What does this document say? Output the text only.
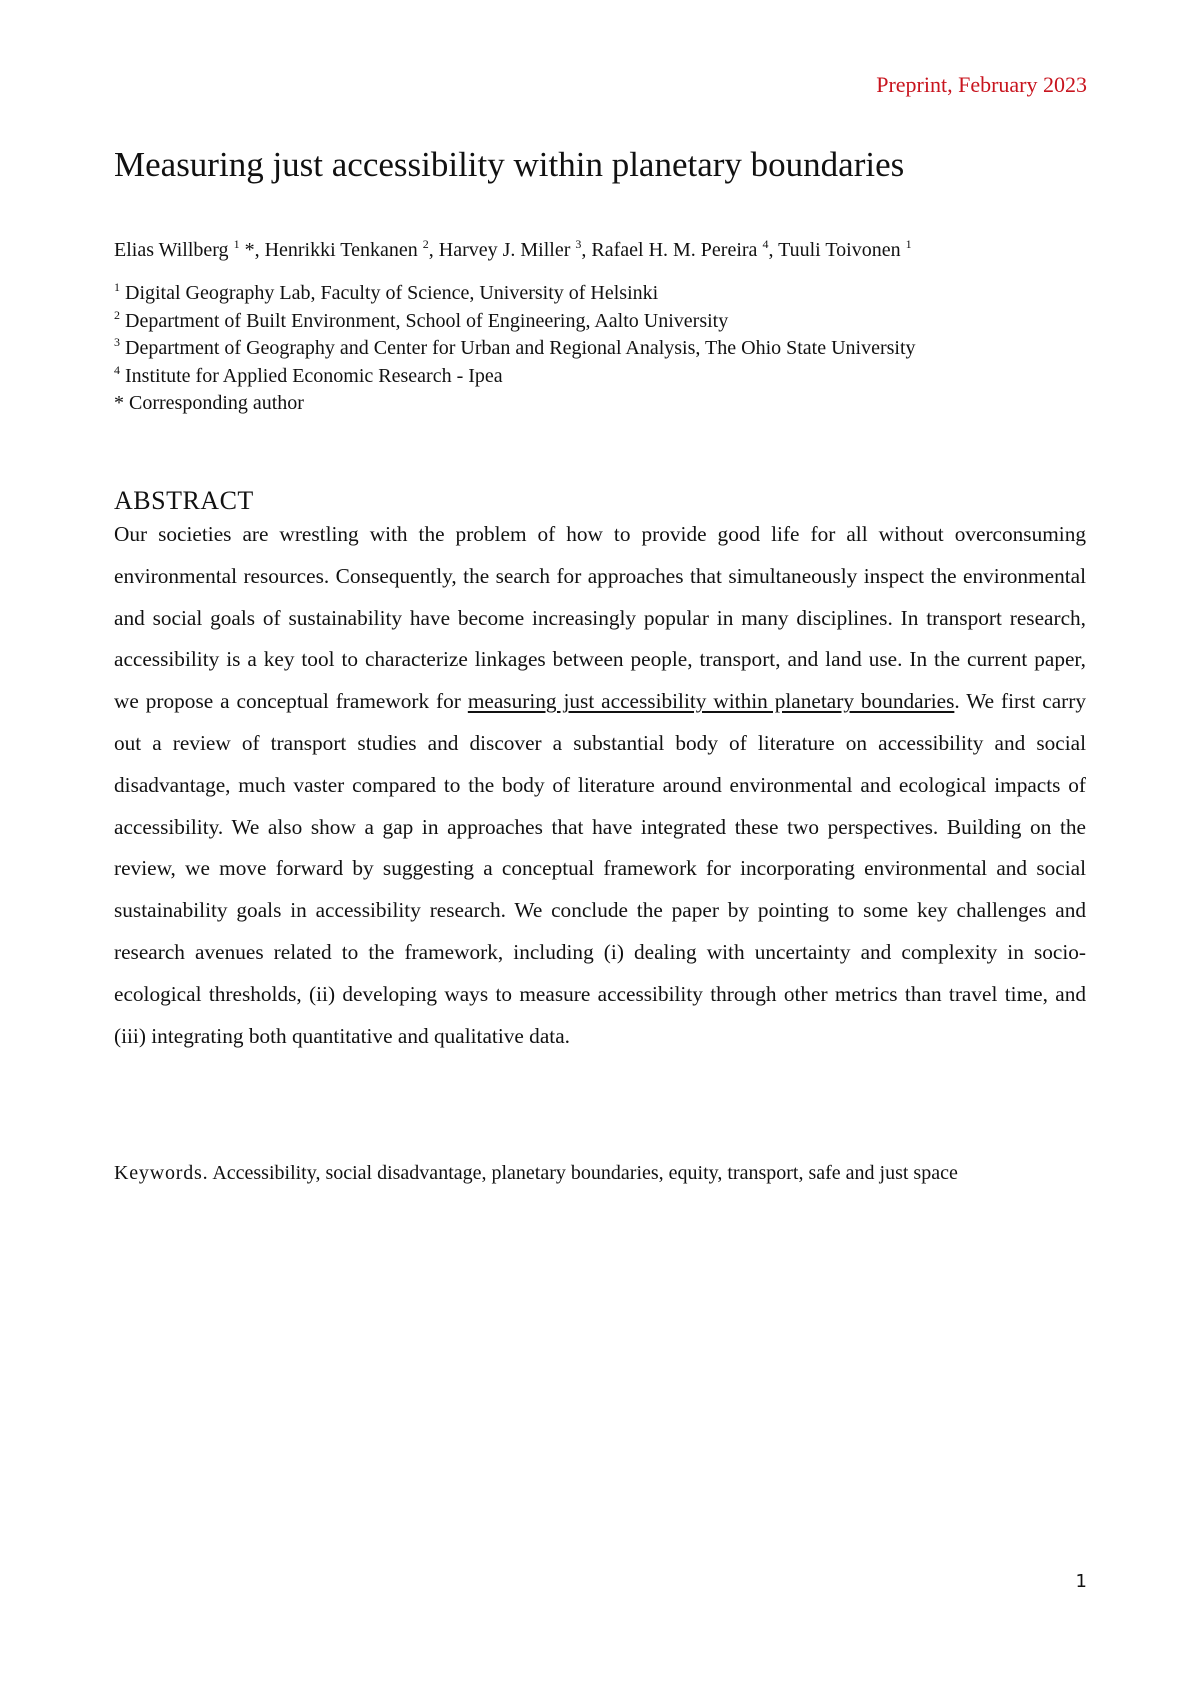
Preprint, February 2023
Measuring just accessibility within planetary boundaries
Elias Willberg $^1$ *, Henrikki Tenkanen $^2$, Harvey J. Miller $^3$, Rafael H. M. Pereira $^4$, Tuuli Toivonen $^1$
$^1$ Digital Geography Lab, Faculty of Science, University of Helsinki
$^2$ Department of Built Environment, School of Engineering, Aalto University
$^3$ Department of Geography and Center for Urban and Regional Analysis, The Ohio State University
$^4$ Institute for Applied Economic Research - Ipea
* Corresponding author
ABSTRACT

Our societies are wrestling with the problem of how to provide good life for all without overconsuming environmental resources. Consequently, the search for approaches that simultaneously inspect the environmental and social goals of sustainability have become increasingly popular in many disciplines. In transport research, accessibility is a key tool to characterize linkages between people, transport, and land use. In the current paper, we propose a conceptual framework for measuring just accessibility within planetary boundaries. We first carry out a review of transport studies and discover a substantial body of literature on accessibility and social disadvantage, much vaster compared to the body of literature around environmental and ecological impacts of accessibility. We also show a gap in approaches that have integrated these two perspectives. Building on the review, we move forward by suggesting a conceptual framework for incorporating environmental and social sustainability goals in accessibility research. We conclude the paper by pointing to some key challenges and research avenues related to the framework, including (i) dealing with uncertainty and complexity in socio-ecological thresholds, (ii) developing ways to measure accessibility through other metrics than travel time, and (iii) integrating both quantitative and qualitative data.

Keywords. Accessibility, social disadvantage, planetary boundaries, equity, transport, safe and just space
1
